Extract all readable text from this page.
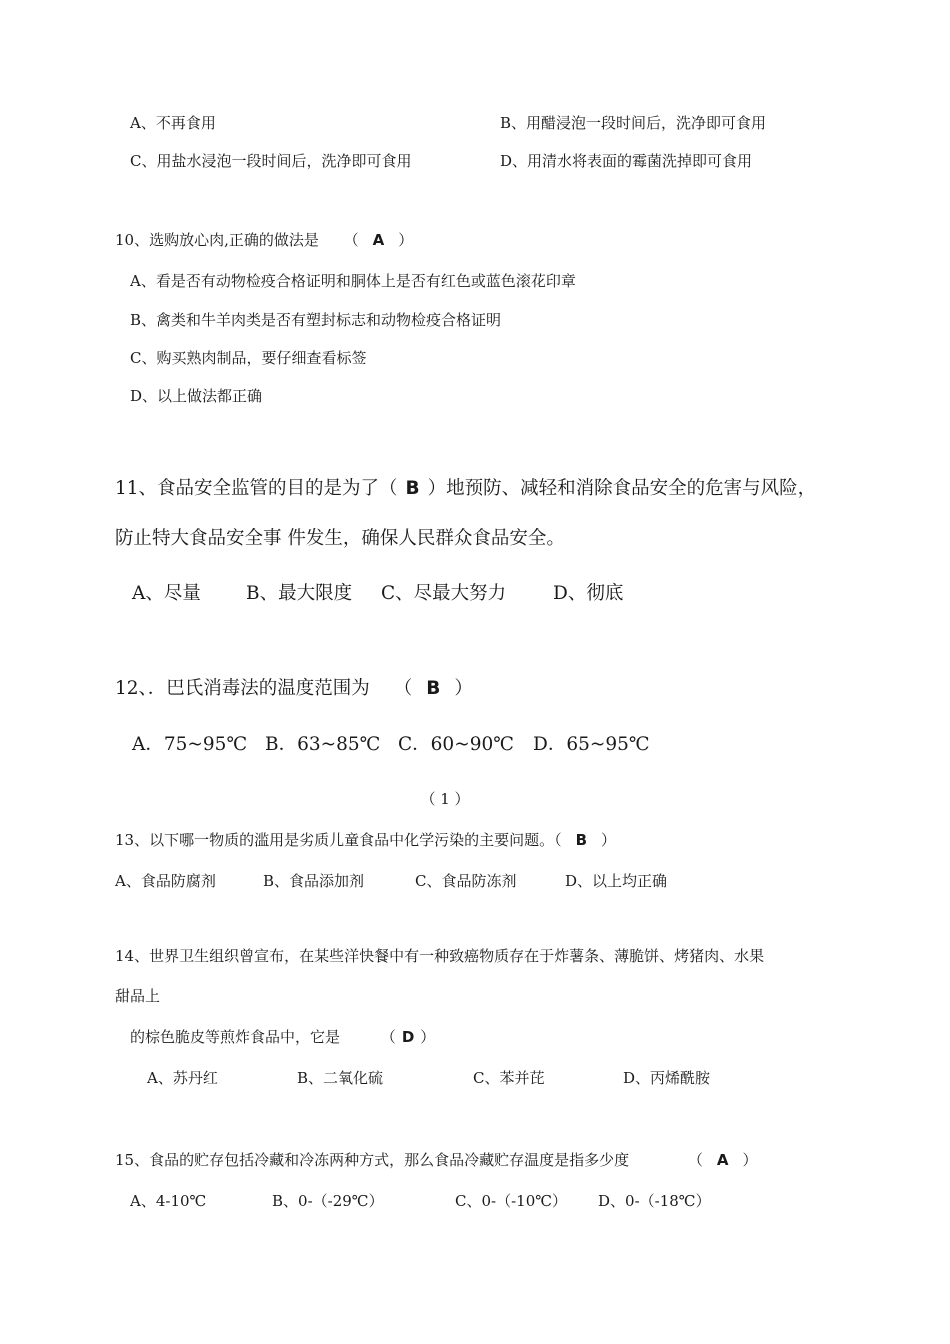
A、不再食用	B、用醋浸泡一段时间后，洗净即可食用
C、用盐水浸泡一段时间后，洗净即可食用	D、用清水将表面的霉菌洗掉即可食用
10、选购放心肉,正确的做法是 （ A ）
A、看是否有动物检疫合格证明和胴体上是否有红色或蓝色滚花印章
B、禽类和牛羊肉类是否有塑封标志和动物检疫合格证明
C、购买熟肉制品，要仔细查看标签
D、以上做法都正确
11、食品安全监管的目的是为了（ B ）地预防、减轻和消除食品安全的危害与风险，
防止特大食品安全事 件发生，确保人民群众食品安全。
A、尽量 B、最大限度 C、尽最大努力	D、彻底
12、．巴氏消毒法的温度范围为 （ B ）
A．75~95℃ B．63~85℃ C．60~90℃ D．65~95℃
（ 1 ）
13、以下哪一物质的滥用是劣质儿童食品中化学污染的主要问题。（ B ）
A、食品防腐剂	B、食品添加剂	C、食品防冻剂	D、以上均正确
14、世界卫生组织曾宣布，在某些洋快餐中有一种致癌物质存在于炸薯条、薄脆饼、烤猪肉、水果
甜品上
的棕色脆皮等煎炸食品中，它是	（ D ）
A、苏丹红	B、二氧化硫	C、苯并芘	D、丙烯酰胺
15、食品的贮存包括冷藏和冷冻两种方式，那么食品冷藏贮存温度是指多少度	（ A ）
A、4-10℃	B、0-（-29℃）	C、0-（-10℃） D、0-（-18℃）
